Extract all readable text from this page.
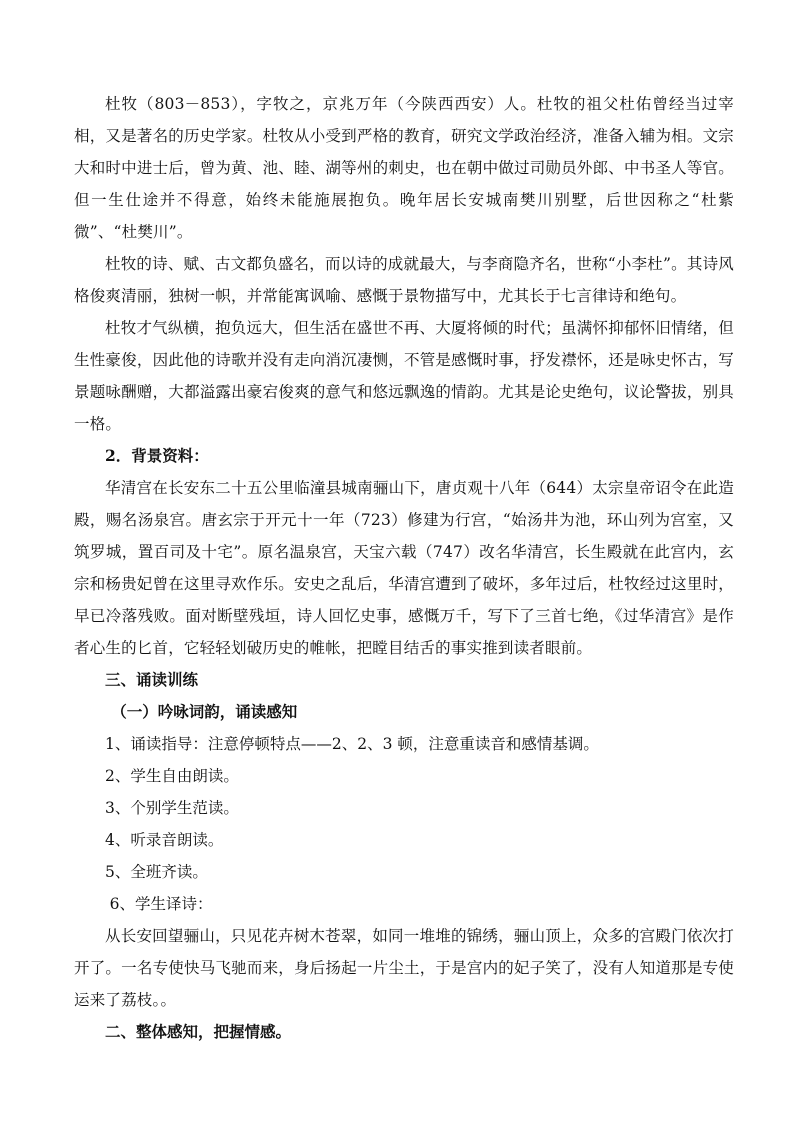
杜牧（803－853），字牧之，京兆万年（今陕西西安）人。杜牧的祖父杜佑曾经当过宰相，又是著名的历史学家。杜牧从小受到严格的教育，研究文学政治经济，准备入辅为相。文宗大和时中进士后，曾为黄、池、睦、湖等州的刺史，也在朝中做过司勋员外郎、中书圣人等官。但一生仕途并不得意，始终未能施展抱负。晚年居长安城南樊川别墅，后世因称之“杜紫微”、“杜樊川”。

杜牧的诗、赋、古文都负盛名，而以诗的成就最大，与李商隐齐名，世称“小李杜”。其诗风格俊爽清丽，独树一帜，并常能寓讽喻、感慨于景物描写中，尤其长于七言律诗和绝句。

杜牧才气纵横，抱负远大，但生活在盛世不再、大厦将倾的时代；虽满怀抑郁怀旧情绪，但生性豪俊，因此他的诗歌并没有走向消沉凄恻，不管是感慨时事，抒发襟怀，还是咏史怀古，写景题咏酬赠，大都溢露出豪宕俊爽的意气和悠远飘逸的情韵。尤其是论史绝句，议论警拔，别具一格。

2．背景资料：

华清宫在长安东二十五公里临潼县城南骊山下，唐贞观十八年（644）太宗皇帝诏令在此造殿，赐名汤泉宫。唐玄宗于开元十一年（723）修建为行宫，“始汤井为池，环山列为宫室，又筑罗城，置百司及十宅”。原名温泉宫，天宝六载（747）改名华清宫，长生殿就在此宫内，玄宗和杨贵妃曾在这里寻欢作乐。安史之乱后，华清宫遭到了破坏，多年过后，杜牧经过这里时，早已冷落残败。面对断壁残垣，诗人回忆史事，感慨万千，写下了三首七绝，《过华清宫》是作者心生的匕首，它轻轻划破历史的帷帐，把瞠目结舌的事实推到读者眼前。

三、诵读训练

（一）吟咏词韵，诵读感知

1、诵读指导：注意停顿特点——2、2、3 顿，注意重读音和感情基调。

2、学生自由朗读。

3、个别学生范读。

4、听录音朗读。

5、全班齐读。

6、学生译诗：

从长安回望骊山，只见花卉树木苍翠，如同一堆堆的锦绣，骊山顶上，众多的宫殿门依次打开了。一名专使快马飞驰而来，身后扬起一片尘土，于是宫内的妃子笑了，没有人知道那是专使运来了荔枝。。

二、整体感知，把握情感。
